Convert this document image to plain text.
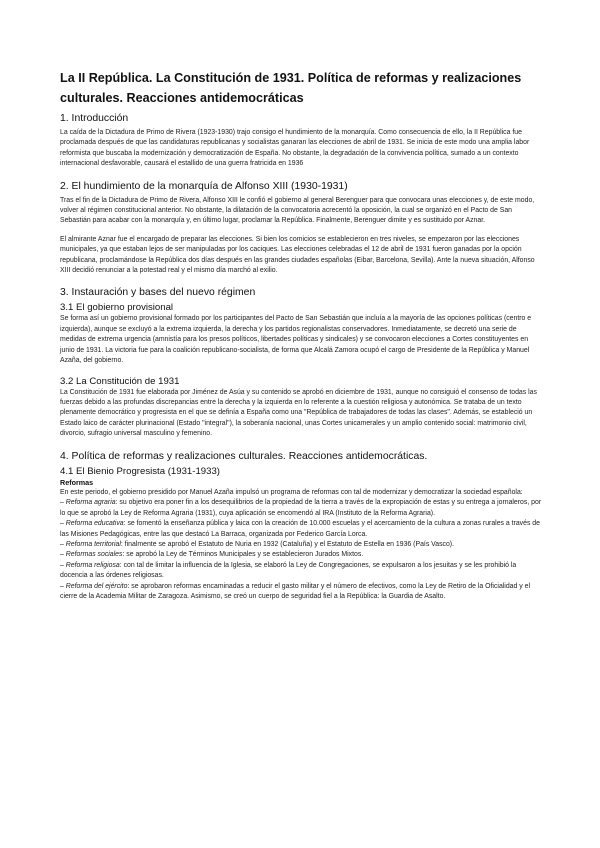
La II República. La Constitución de 1931. Política de reformas y realizaciones culturales. Reacciones antidemocráticas
1. Introducción

La caída de la Dictadura de Primo de Rivera (1923-1930) trajo consigo el hundimiento de la monarquía. Como consecuencia de ello, la II República fue proclamada después de que las candidaturas republicanas y socialistas ganaran las elecciones de abril de 1931. Se inicia de este modo una amplia labor reformista que buscaba la modernización y democratización de España. No obstante, la degradación de la convivencia política, sumado a un contexto internacional desfavorable, causará el estallido de una guerra fratricida en 1936

2. El hundimiento de la monarquía de Alfonso XIII (1930-1931)

Tras el fin de la Dictadura de Primo de Rivera, Alfonso XIII le confió el gobierno al general Berenguer para que convocara unas elecciones y, de este modo, volver al régimen constitucional anterior. No obstante, la dilatación de la convocatoria acrecentó la oposición, la cual se organizó en el Pacto de San Sebastián para acabar con la monarquía y, en último lugar, proclamar la República. Finalmente, Berenguer dimite y es sustituido por Aznar.

El almirante Aznar fue el encargado de preparar las elecciones. Si bien los comicios se establecieron en tres niveles, se empezaron por las elecciones municipales, ya que estaban lejos de ser manipuladas por los caciques. Las elecciones celebradas el 12 de abril de 1931 fueron ganadas por la opción republicana, proclamándose la República dos días después en las grandes ciudades españolas (Eibar, Barcelona, Sevilla). Ante la nueva situación, Alfonso XIII decidió renunciar a la potestad real y el mismo día marchó al exilio.

3. Instauración y bases del nuevo régimen
3.1 El gobierno provisional

Se forma así un gobierno provisional formado por los participantes del Pacto de San Sebastián que incluía a la mayoría de las opciones políticas (centro e izquierda), aunque se excluyó a la extrema izquierda, la derecha y los partidos regionalistas conservadores. Inmediatamente, se decretó una serie de medidas de extrema urgencia (amnistía para los presos políticos, libertades políticas y sindicales) y se convocaron elecciones a Cortes constituyentes en junio de 1931. La victoria fue para la coalición republicano-socialista, de forma que Alcalá Zamora ocupó el cargo de Presidente de la República y Manuel Azaña, del gobierno.

3.2 La Constitución de 1931

La Constitución de 1931 fue elaborada por Jiménez de Asúa y su contenido se aprobó en diciembre de 1931, aunque no consiguió el consenso de todas las fuerzas debido a las profundas discrepancias entre la derecha y la izquierda en lo referente a la cuestión religiosa y autonómica. Se trataba de un texto plenamente democrático y progresista en el que se definía a España como una "República de trabajadores de todas las clases". Además, se estableció un Estado laico de carácter plurinacional (Estado "integral"), la soberanía nacional, unas Cortes unicamerales y un amplio contenido social: matrimonio civil, divorcio, sufragio universal masculino y femenino.

4. Política de reformas y realizaciones culturales. Reacciones antidemocráticas.
4.1 El Bienio Progresista (1931-1933)
Reformas

En este periodo, el gobierno presidido por Manuel Azaña impulsó un programa de reformas con tal de modernizar y democratizar la sociedad española:

– Reforma agraria: su objetivo era poner fin a los desequilibrios de la propiedad de la tierra a través de la expropiación de estas y su entrega a jornaleros, por lo que se aprobó la Ley de Reforma Agraria (1931), cuya aplicación se encomendó al IRA (Instituto de la Reforma Agraria).

– Reforma educativa: se fomentó la enseñanza pública y laica con la creación de 10.000 escuelas y el acercamiento de la cultura a zonas rurales a través de las Misiones Pedagógicas, entre las que destacó La Barraca, organizada por Federico García Lorca.

– Reforma territorial: finalmente se aprobó el Estatuto de Nuria en 1932 (Cataluña) y el Estatuto de Estella en 1936 (País Vasco).

– Reformas sociales: se aprobó la Ley de Términos Municipales y se establecieron Jurados Mixtos.

– Reforma religiosa: con tal de limitar la influencia de la Iglesia, se elaboró la Ley de Congregaciones, se expulsaron a los jesuitas y se les prohibió la docencia a las órdenes religiosas.

– Reforma del ejército: se aprobaron reformas encaminadas a reducir el gasto militar y el número de efectivos, como la Ley de Retiro de la Oficialidad y el cierre de la Academia Militar de Zaragoza. Asimismo, se creó un cuerpo de seguridad fiel a la República: la Guardia de Asalto.
